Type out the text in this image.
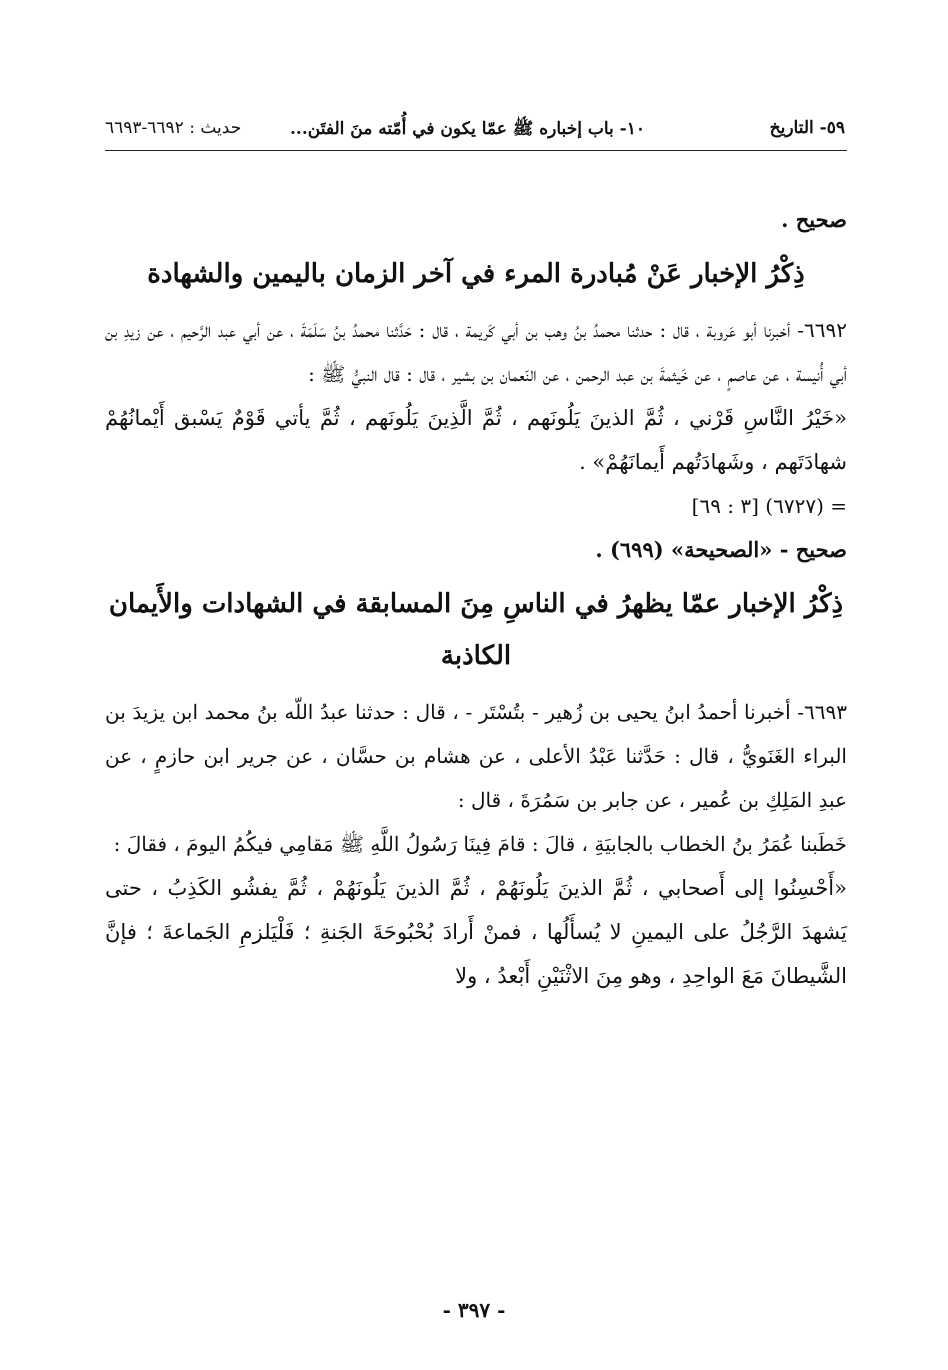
٥٩- التاريخ
١٠- باب إخباره ﷺ عمّا يكون في أُمّته منَ الفتَن...
حديث : ٦٦٩٢-٦٦٩٣

صحيح .

ذِكْرُ الإخبار عَنْ مُبادرة المرء في آخر الزمان باليمين والشهادة

٦٦٩٢- أخبرنا أبو عَروبة ، قال : حدثنا محمدُ بنُ وهب بن أبي كَريمة ، قال : حَدَّثنا محمدُ بنُ سَلَمَةَ ، عن أبي عبد الرَّحيم ، عن زيدِ بن أبي أُنيسة ، عن عاصمٍ ، عن خَيثمةَ بن عبد الرحمن ، عن النّعمان بن بشير ، قال : قال النبيُّ ﷺ :

«خَيْرُ النَّاسِ قَرْني ، ثُمَّ الذينَ يَلُونَهم ، ثُمَّ الَّذِينَ يَلُونَهم ، ثُمَّ يأتي قَوْمٌ يَسْبق أَيْمانُهُمْ شهادَتَهم ، وشَهادَتُهم أَيمانَهُمْ» .

= (٦٧٢٧) [٣ : ٦٩]

صحيح - «الصحيحة» (٦٩٩) .

ذِكْرُ الإخبار عمّا يظهرُ في الناسِ مِنَ المسابقة في الشهادات والأَيمان الكاذبة

٦٦٩٣- أخبرنا أحمدُ ابنُ يحيى بن زُهير - بتُسْتَر - ، قال : حدثنا عبدُ اللّه بنُ محمد ابن يزيدَ بن البراء الغَنَويُّ ، قال : حَدَّثنا عَبْدُ الأعلى ، عن هشام بن حسَّان ، عن جرير ابن حازمٍ ، عن عبدِ المَلِكِ بن عُمير ، عن جابر بن سَمُرَةَ ، قال :

خَطَبنا عُمَرُ بنُ الخطاب بالجابيَةِ ، قالَ : قامَ فِينَا رَسُولُ اللَّهِ ﷺ مَقامِي فيكُمُ اليومَ ، فقالَ :

«أَحْسِنُوا إلى أَصحابي ، ثُمَّ الذينَ يَلُونَهُمْ ، ثُمَّ الذينَ يَلُونَهُمْ ، ثُمَّ يفشُو الكَذِبُ ، حتى يَشهدَ الرَّجُلُ على اليمينِ لا يُسأَلُها ، فمنْ أَرادَ بُحْبُوحَةَ الجَنةِ ؛ فَلْيَلزمِ الجَماعةَ ؛ فإنَّ الشَّيطانَ مَعَ الواحِدِ ، وهو مِنَ الاثْنَيْنِ أَبْعدُ ، ولا

- ٣٩٧ -
